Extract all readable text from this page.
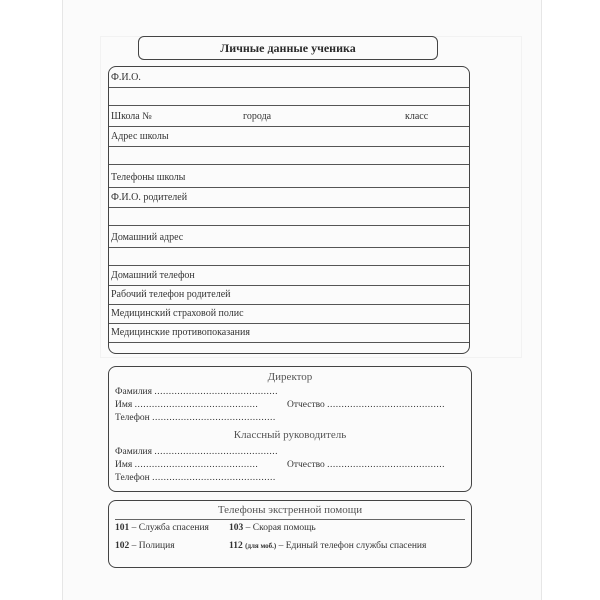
Личные данные ученика
Ф.И.О.
Школа №	города	класс
Адрес школы
Телефоны школы
Ф.И.О. родителей
Домашний адрес
Домашний телефон
Рабочий телефон родителей
Медицинский страховой полис
Медицинские противопоказания
Директор
Фамилия ...........................................
Имя ...........................................	Отчество .........................................
Телефон ...........................................
Классный руководитель
Фамилия ...........................................
Имя ...........................................	Отчество .........................................
Телефон ...........................................
Телефоны экстренной помощи
101 – Служба спасения 103 – Скорая помощь
102 – Полиция	112 (для моб.) – Единый телефон службы спасения
